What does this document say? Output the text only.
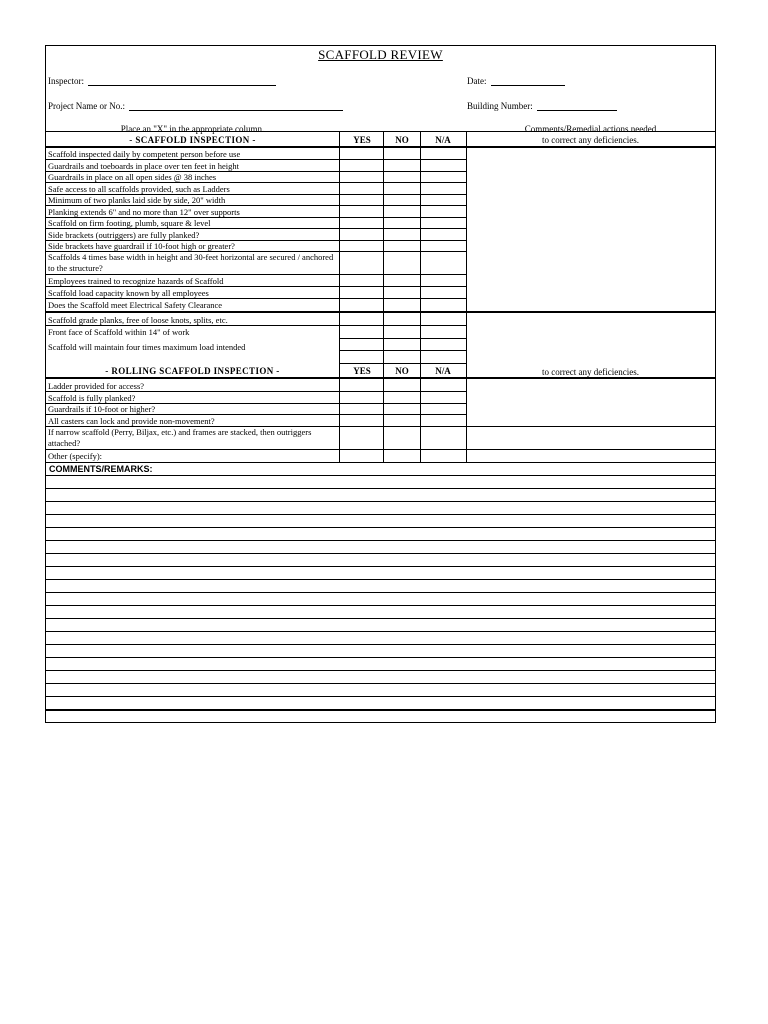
SCAFFOLD REVIEW
Inspector:	Date:
Project Name or No.:	Building Number:
Place an "X" in the appropriate column.
- SCAFFOLD INSPECTION -	YES	NO	N/A
Comments/Remedial actions needed
to correct any deficiencies.
Scaffold inspected daily by competent person before use
Guardrails and toeboards in place over ten feet in height
Guardrails in place on all open sides @ 38 inches
Safe access to all scaffolds provided, such as Ladders
Minimum of two planks laid side by side, 20" width
Planking extends 6" and no more than 12" over supports
Scaffold on firm footing, plumb, square & level
Side brackets (outriggers) are fully planked?
Side brackets have guardrail if 10-foot high or greater?
Scaffolds 4 times base width in height and 30-feet horizontal are secured / anchored to the structure?
Employees trained to recognize hazards of Scaffold
Scaffold load capacity known by all employees
Does the Scaffold meet Electrical Safety Clearance
Scaffold grade planks, free of loose knots, splits, etc.
Front face of Scaffold within 14" of work
Scaffold will maintain four times maximum load intended
- ROLLING SCAFFOLD INSPECTION -	YES	NO	N/A	to correct any deficiencies.
Ladder provided for access?
Scaffold is fully planked?
Guardrails if 10-foot or higher?
All casters can lock and provide non-movement?
If narrow scaffold (Perry, Biljax, etc.) and frames are stacked, then outriggers attached?
Other (specify):
COMMENTS/REMARKS:
